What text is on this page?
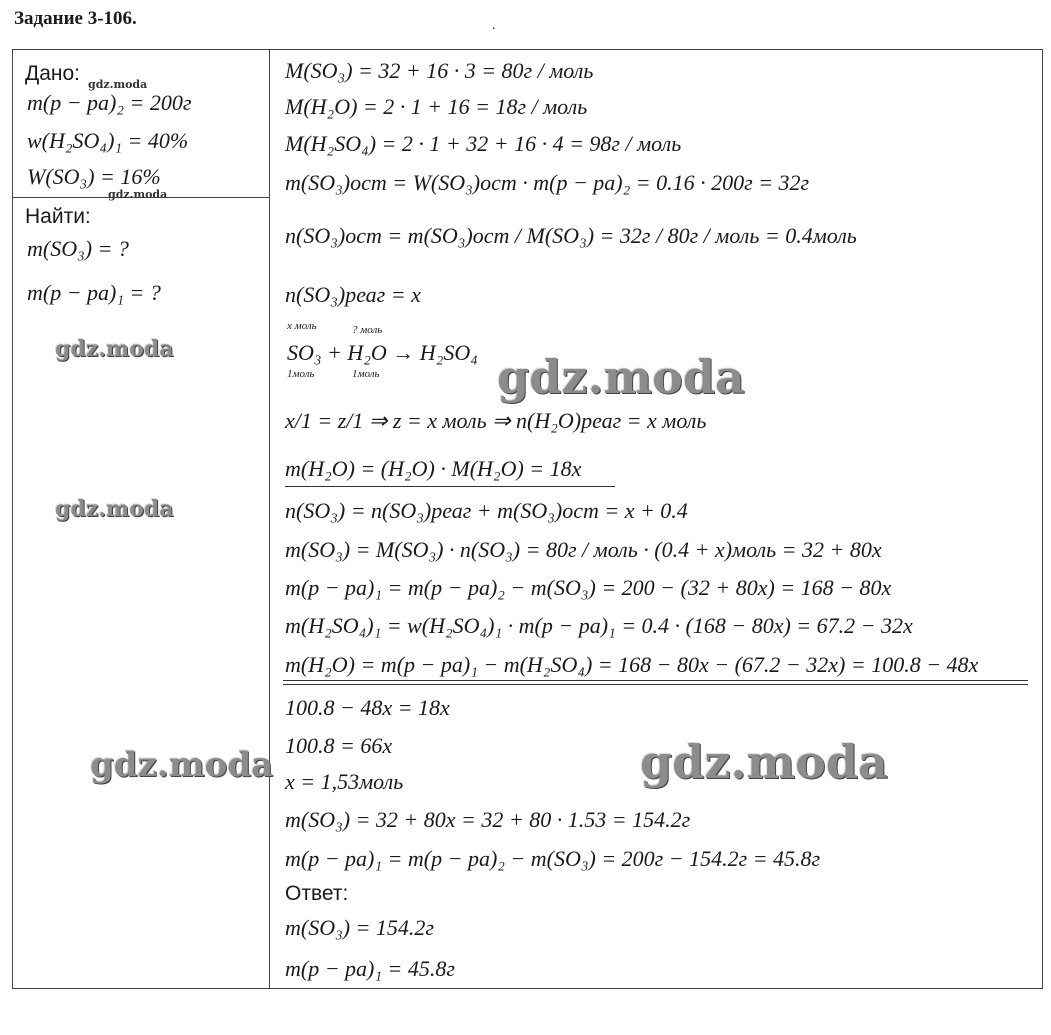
Задание 3-106.	.
Дано: gdz.moda
m(р − ра)₂ = 200г
w(H₂SO₄)₁ = 40%
W(SO₃) = 16%
gdz.moda
Найти:
m(SO₃) = ?
m(р − ра)₁ = ?
gdz.moda
gdz.moda
gdz.moda
M(SO₃) = 32 + 16 · 3 = 80г / моль
M(H₂O) = 2 · 1 + 16 = 18г / моль
M(H₂SO₄) = 2 · 1 + 32 + 16 · 4 = 98г / моль
m(SO₃)ост = W(SO₃)ост · m(р − ра)₂ = 0.16 · 200г = 32г
n(SO₃)ост = m(SO₃)ост / M(SO₃) = 32г / 80г / моль = 0.4моль
n(SO₃)реаг = x
x моль	? моль
SO₃ + H₂O → H₂SO₄
1моль	1моль
x/1 = z/1 ⇒ z = x моль ⇒ n(H₂O)реаг = x моль
m(H₂O) = (H₂O) · M(H₂O) = 18x
n(SO₃) = n(SO₃)реаг + m(SO₃)ост = x + 0.4
m(SO₃) = M(SO₃) · n(SO₃) = 80г / моль · (0.4 + x)моль = 32 + 80x
m(р − ра)₁ = m(р − ра)₂ − m(SO₃) = 200 − (32 + 80x) = 168 − 80x
m(H₂SO₄)₁ = w(H₂SO₄)₁ · m(р − ра)₁ = 0.4 · (168 − 80x) = 67.2 − 32x
m(H₂O) = m(р − ра)₁ − m(H₂SO₄) = 168 − 80x − (67.2 − 32x) = 100.8 − 48x
100.8 − 48x = 18x
100.8 = 66x
x = 1,53моль
m(SO₃) = 32 + 80x = 32 + 80 · 1.53 = 154.2г
m(р − ра)₁ = m(р − ра)₂ − m(SO₃) = 200г − 154.2г = 45.8г
Ответ:
m(SO₃) = 154.2г
m(р − ра)₁ = 45.8г
gdz.moda
gdz.moda
